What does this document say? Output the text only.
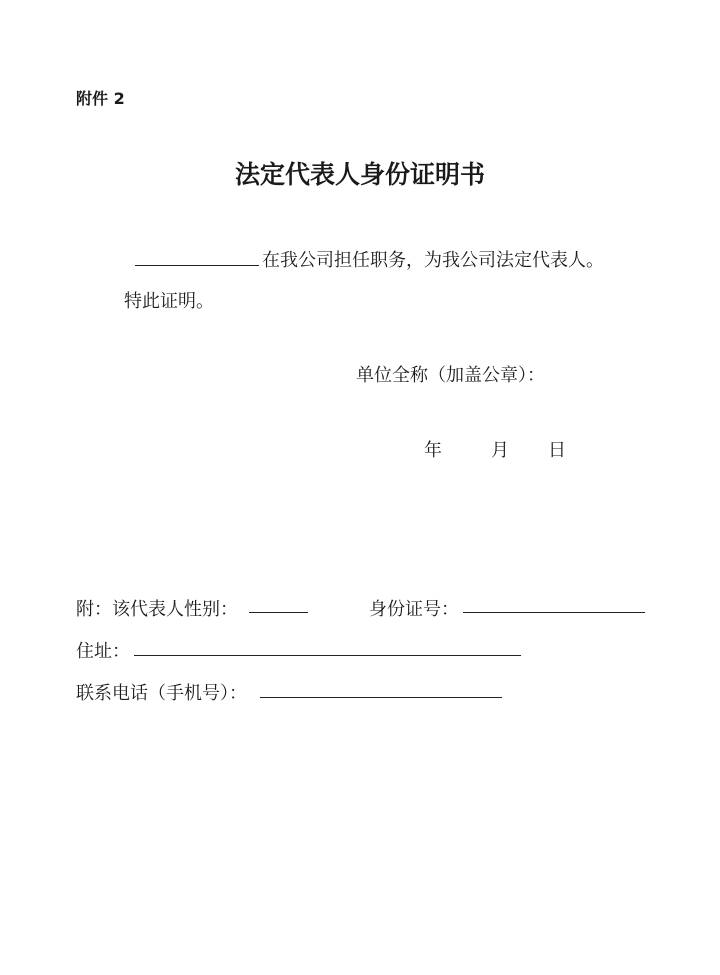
附件 2
法定代表人身份证明书
在我公司担任职务，为我公司法定代表人。
特此证明。
单位全称（加盖公章）：
年	月 日
附：该代表人性别：	身份证号：
住址：
联系电话（手机号）：
